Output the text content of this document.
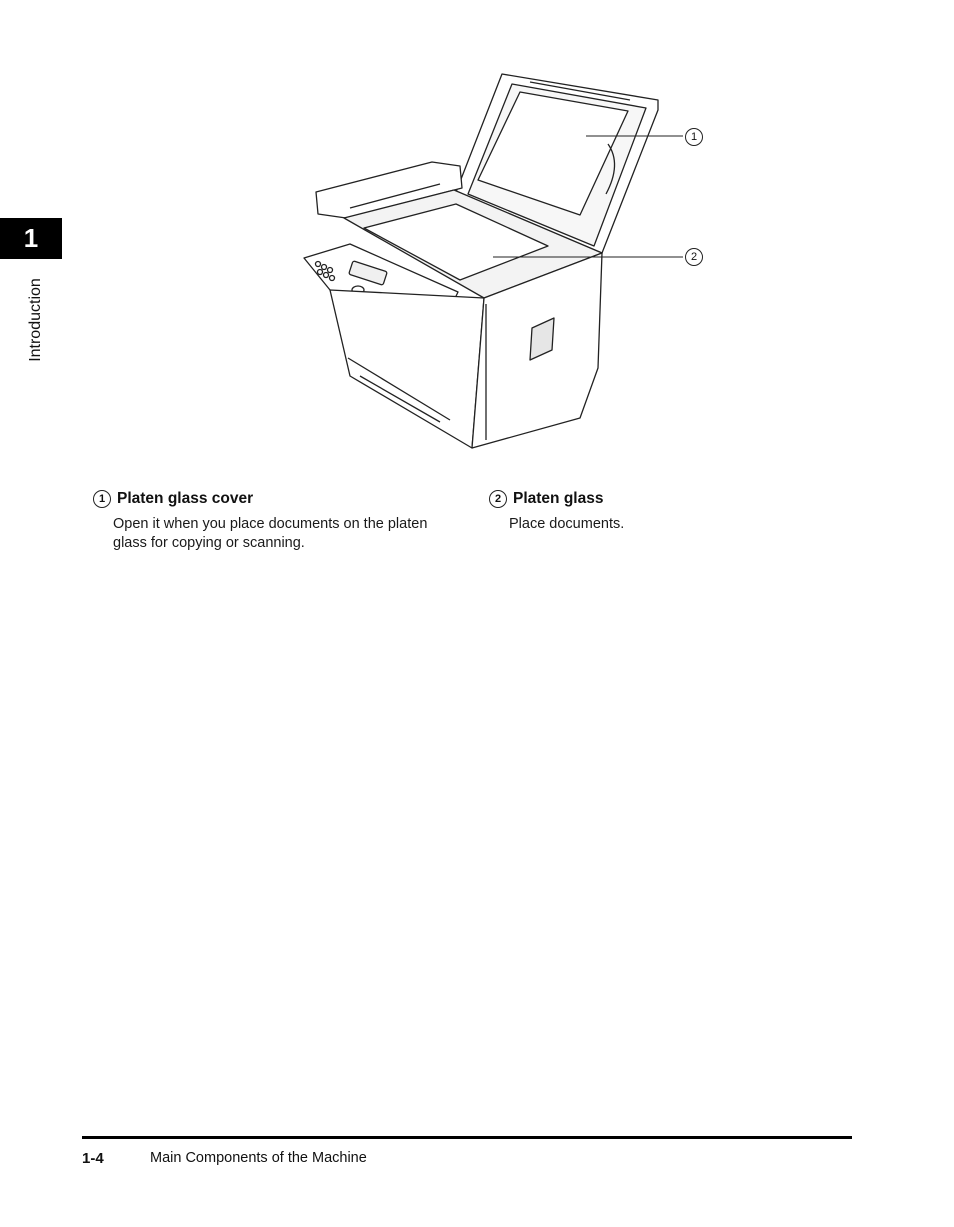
1
Introduction
1
2
1 Platen glass cover
Open it when you place documents on the platen
glass for copying or scanning.
2 Platen glass
Place documents.
1-4	Main Components of the Machine
